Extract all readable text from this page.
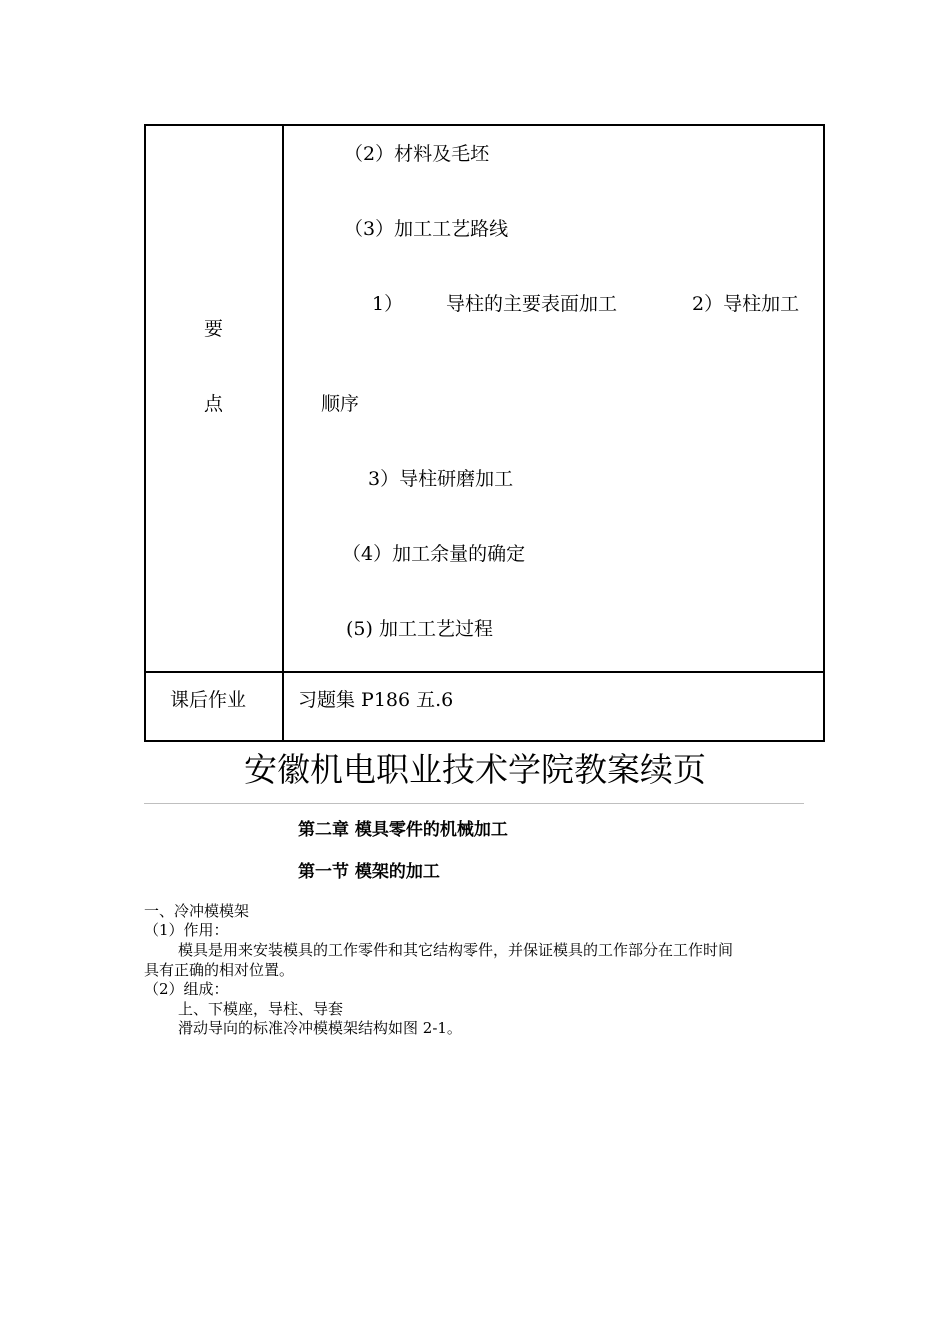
要
点
（2）材料及毛坯
（3）加工工艺路线
1） 导柱的主要表面加工	2）导柱加工
顺序
3）导柱研磨加工
（4）加工余量的确定
(5) 加工工艺过程
课后作业	习题集 P186 五.6
安徽机电职业技术学院教案续页
第二章 模具零件的机械加工
第一节 模架的加工
一、冷冲模模架
（1）作用：
模具是用来安装模具的工作零件和其它结构零件，并保证模具的工作部分在工作时间
具有正确的相对位置。
（2）组成：
上、下模座，导柱、导套
滑动导向的标准冷冲模模架结构如图 2-1。
